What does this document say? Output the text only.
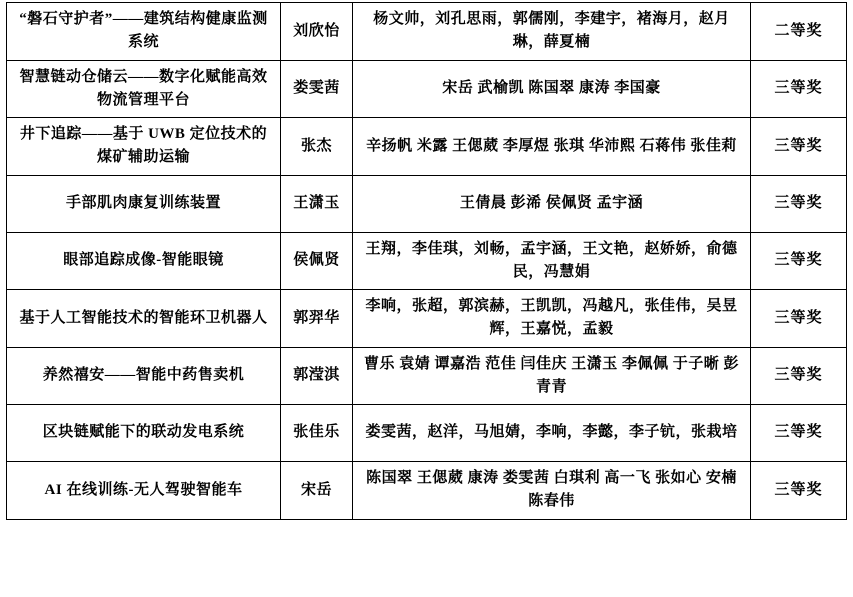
“磐石守护者”——建筑结构健康监测系统	刘欣怡	杨文帅，刘孔思雨，郭儒刚，李建宇，褚海月，赵月琳，薛夏楠	二等奖
智慧链动仓储云——数字化赋能高效物流管理平台	娄雯茜	宋岳 武榆凯 陈国翠 康涛 李国豪	三等奖
井下追踪——基于 UWB 定位技术的煤矿辅助运输	张杰	辛扬帆 米露 王偲葳 李厚煜 张琪 华沛熙 石蒋伟 张佳莉	三等奖
手部肌肉康复训练装置	王潇玉	王倩晨 彭浠 侯佩贤 孟宇涵	三等奖
眼部追踪成像-智能眼镜	侯佩贤	王翔，李佳琪，刘畅，孟宇涵，王文艳，赵娇娇，俞德民，冯慧娟	三等奖
基于人工智能技术的智能环卫机器人	郭羿华	李响，张超，郭滨赫，王凯凯，冯越凡，张佳伟，吴昱辉，王嘉悦，孟毅	三等奖
养然禧安——智能中药售卖机	郭滢淇	曹乐 袁婧 谭嘉浩 范佳 闫佳庆 王潇玉 李佩佩 于子晰 彭青青	三等奖
区块链赋能下的联动发电系统	张佳乐	娄雯茜，赵洋，马旭婧，李响，李懿，李子钪，张栽培	三等奖
AI 在线训练-无人驾驶智能车	宋岳	陈国翠 王偲葳 康涛 娄雯茜 白琪利 高一飞 张如心 安楠 陈春伟	三等奖
